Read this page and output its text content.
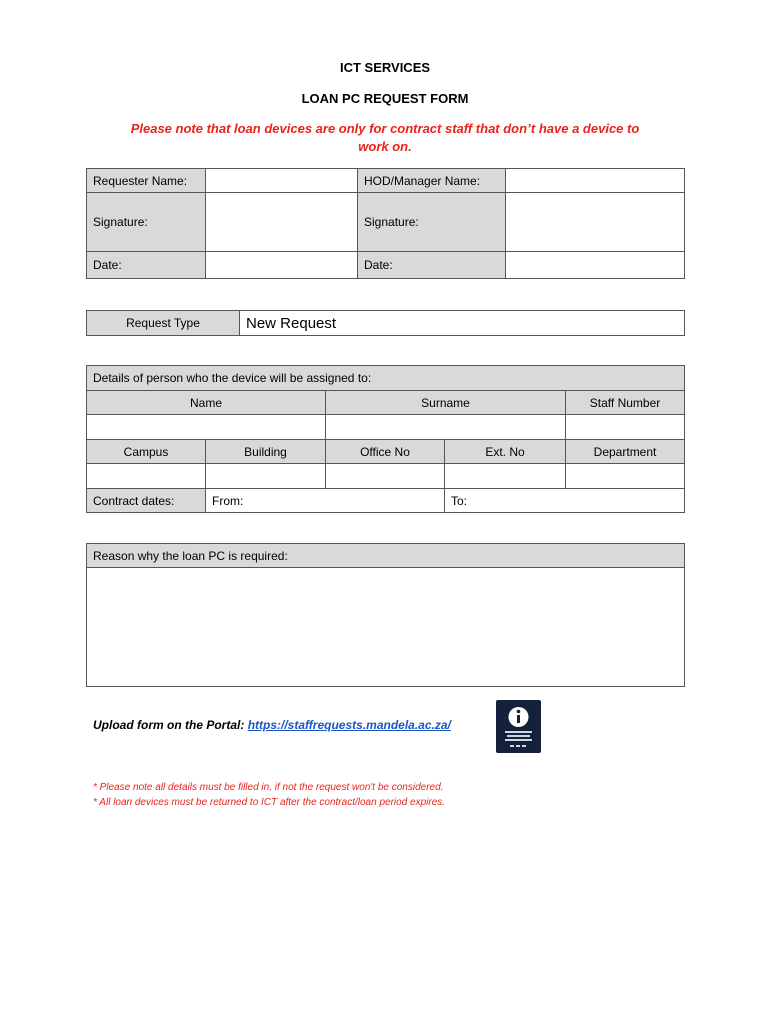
ICT SERVICES
LOAN PC REQUEST FORM
Please note that loan devices are only for contract staff that don’t have a device to
work on.
Requester Name:		HOD/Manager Name:	
Signature:		Signature:	
Date:		Date:	
Request Type	New Request
Details of person who the device will be assigned to:				
Name		Surname		Staff Number

Campus	Building	Office No	Ext. No	Department

Contract dates:	From:		To:	
Reason why the loan PC is required:

Upload form on the Portal: https://staffrequests.mandela.ac.za/
* Please note all details must be filled in, if not the request won't be considered.
* All loan devices must be returned to ICT after the contract/loan period expires.
